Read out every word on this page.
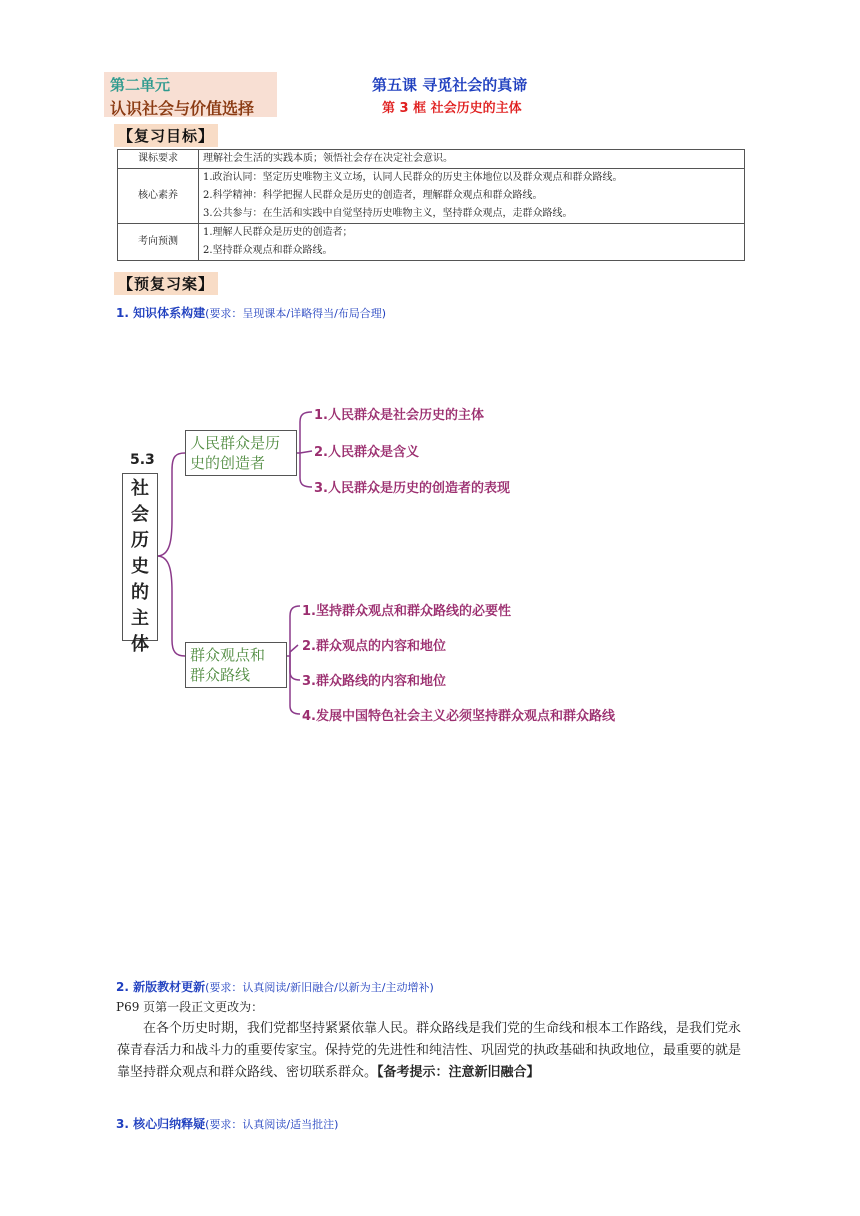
第二单元
认识社会与价值选择
第五课 寻觅社会的真谛
第 3 框 社会历史的主体
【复习目标】
课标要求	理解社会生活的实践本质；领悟社会存在决定社会意识。

核心素养	1.政治认同：坚定历史唯物主义立场，认同人民群众的历史主体地位以及群众观点和群众路线。
2.科学精神：科学把握人民群众是历史的创造者，理解群众观点和群众路线。
3.公共参与：在生活和实践中自觉坚持历史唯物主义，坚持群众观点，走群众路线。

考向预测	1.理解人民群众是历史的创造者；
2.坚持群众观点和群众路线。
【预复习案】
1. 知识体系构建(要求：呈现课本/详略得当/布局合理)
5.3
社
会
历
史
的
主
体
人民群众是历
史的创造者
群众观点和
群众路线
1.人民群众是社会历史的主体
2.人民群众是含义
3.人民群众是历史的创造者的表现
1.坚持群众观点和群众路线的必要性
2.群众观点的内容和地位
3.群众路线的内容和地位
4.发展中国特色社会主义必须坚持群众观点和群众路线
2. 新版教材更新(要求：认真阅读/新旧融合/以新为主/主动增补)
P69 页第一段正文更改为：
在各个历史时期，我们党都坚持紧紧依靠人民。群众路线是我们党的生命线和根本工作路线，是我们党永葆青春活力和战斗力的重要传家宝。保持党的先进性和纯洁性、巩固党的执政基础和执政地位，最重要的就是靠坚持群众观点和群众路线、密切联系群众。【备考提示：注意新旧融合】
3. 核心归纳释疑(要求：认真阅读/适当批注)
